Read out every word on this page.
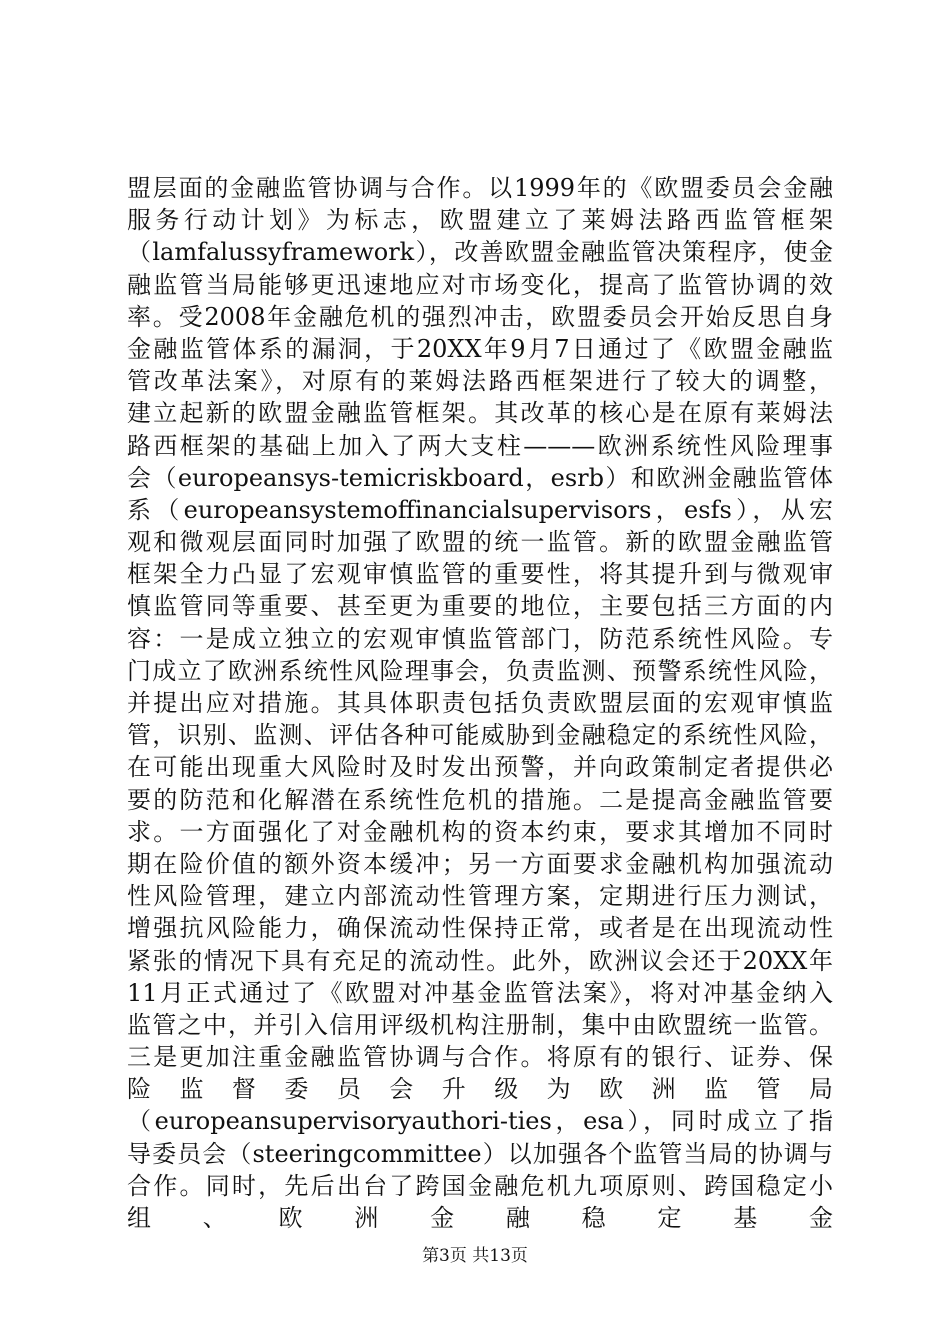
盟层面的金融监管协调与合作。以1999年的《欧盟委员会金融
服务行动计划》为标志，欧盟建立了莱姆法路西监管框架
（lamfalussyframework），改善欧盟金融监管决策程序，使金
融监管当局能够更迅速地应对市场变化，提高了监管协调的效
率。受2008年金融危机的强烈冲击，欧盟委员会开始反思自身
金融监管体系的漏洞，于20XX年9月7日通过了《欧盟金融监
管改革法案》，对原有的莱姆法路西框架进行了较大的调整，
建立起新的欧盟金融监管框架。其改革的核心是在原有莱姆法
路西框架的基础上加入了两大支柱———欧洲系统性风险理事
会（europeansys-temicriskboard，esrb）和欧洲金融监管体
系（europeansystemoffinancialsupervisors，esfs），从宏
观和微观层面同时加强了欧盟的统一监管。新的欧盟金融监管
框架全力凸显了宏观审慎监管的重要性，将其提升到与微观审
慎监管同等重要、甚至更为重要的地位，主要包括三方面的内
容：一是成立独立的宏观审慎监管部门，防范系统性风险。专
门成立了欧洲系统性风险理事会，负责监测、预警系统性风险，
并提出应对措施。其具体职责包括负责欧盟层面的宏观审慎监
管，识别、监测、评估各种可能威胁到金融稳定的系统性风险，
在可能出现重大风险时及时发出预警，并向政策制定者提供必
要的防范和化解潜在系统性危机的措施。二是提高金融监管要
求。一方面强化了对金融机构的资本约束，要求其增加不同时
期在险价值的额外资本缓冲；另一方面要求金融机构加强流动
性风险管理，建立内部流动性管理方案，定期进行压力测试，
增强抗风险能力，确保流动性保持正常，或者是在出现流动性
紧张的情况下具有充足的流动性。此外，欧洲议会还于20XX年
11月正式通过了《欧盟对冲基金监管法案》，将对冲基金纳入
监管之中，并引入信用评级机构注册制，集中由欧盟统一监管。
三是更加注重金融监管协调与合作。将原有的银行、证券、保
险 监 督 委 员 会 升 级 为 欧 洲 监 管 局
（europeansupervisoryauthori-ties，esa），同时成立了指
导委员会（steeringcommittee）以加强各个监管当局的协调与
合作。同时，先后出台了跨国金融危机九项原则、跨国稳定小
组 、 欧 洲 金 融 稳 定 基 金
第3页 共13页
